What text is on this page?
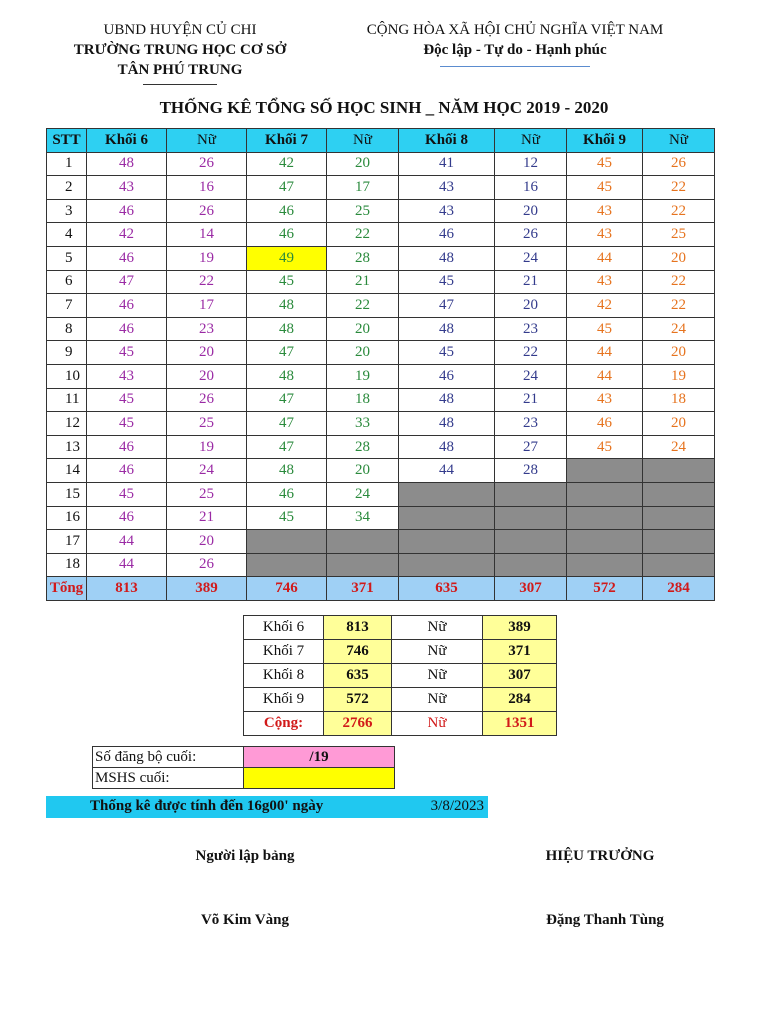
UBND HUYỆN CỦ CHI
TRƯỜNG TRUNG HỌC CƠ SỞ
TÂN PHÚ TRUNG
CỘNG HÒA XÃ HỘI CHỦ NGHĨA VIỆT NAM
Độc lập - Tự do - Hạnh phúc
THỐNG KÊ TỔNG SỐ HỌC SINH _ NĂM HỌC 2019 - 2020
STT	Khối 6	Nữ	Khối 7	Nữ	Khối 8	Nữ	Khối 9	Nữ
1	48	26	42	20	41	12	45	26
2	43	16	47	17	43	16	45	22
3	46	26	46	25	43	20	43	22
4	42	14	46	22	46	26	43	25
5	46	19	49	28	48	24	44	20
6	47	22	45	21	45	21	43	22
7	46	17	48	22	47	20	42	22
8	46	23	48	20	48	23	45	24
9	45	20	47	20	45	22	44	20
10	43	20	48	19	46	24	44	19
11	45	26	47	18	48	21	43	18
12	45	25	47	33	48	23	46	20
13	46	19	47	28	48	27	45	24
14	46	24	48	20	44	28		
15	45	25	46	24				
16	46	21	45	34				
17	44	20						
18	44	26						
Tổng	813	389	746	371	635	307	572	284
Khối 6	813	Nữ	389
Khối 7	746	Nữ	371
Khối 8	635	Nữ	307
Khối 9	572	Nữ	284
Cộng:	2766	Nữ	1351
Số đăng bộ cuối:	/19
MSHS cuối:	
Thống kê được tính đến 16g00' ngày	3/8/2023
Người lập bảng	HIỆU TRƯỞNG
Võ Kim Vàng	Đặng Thanh Tùng
